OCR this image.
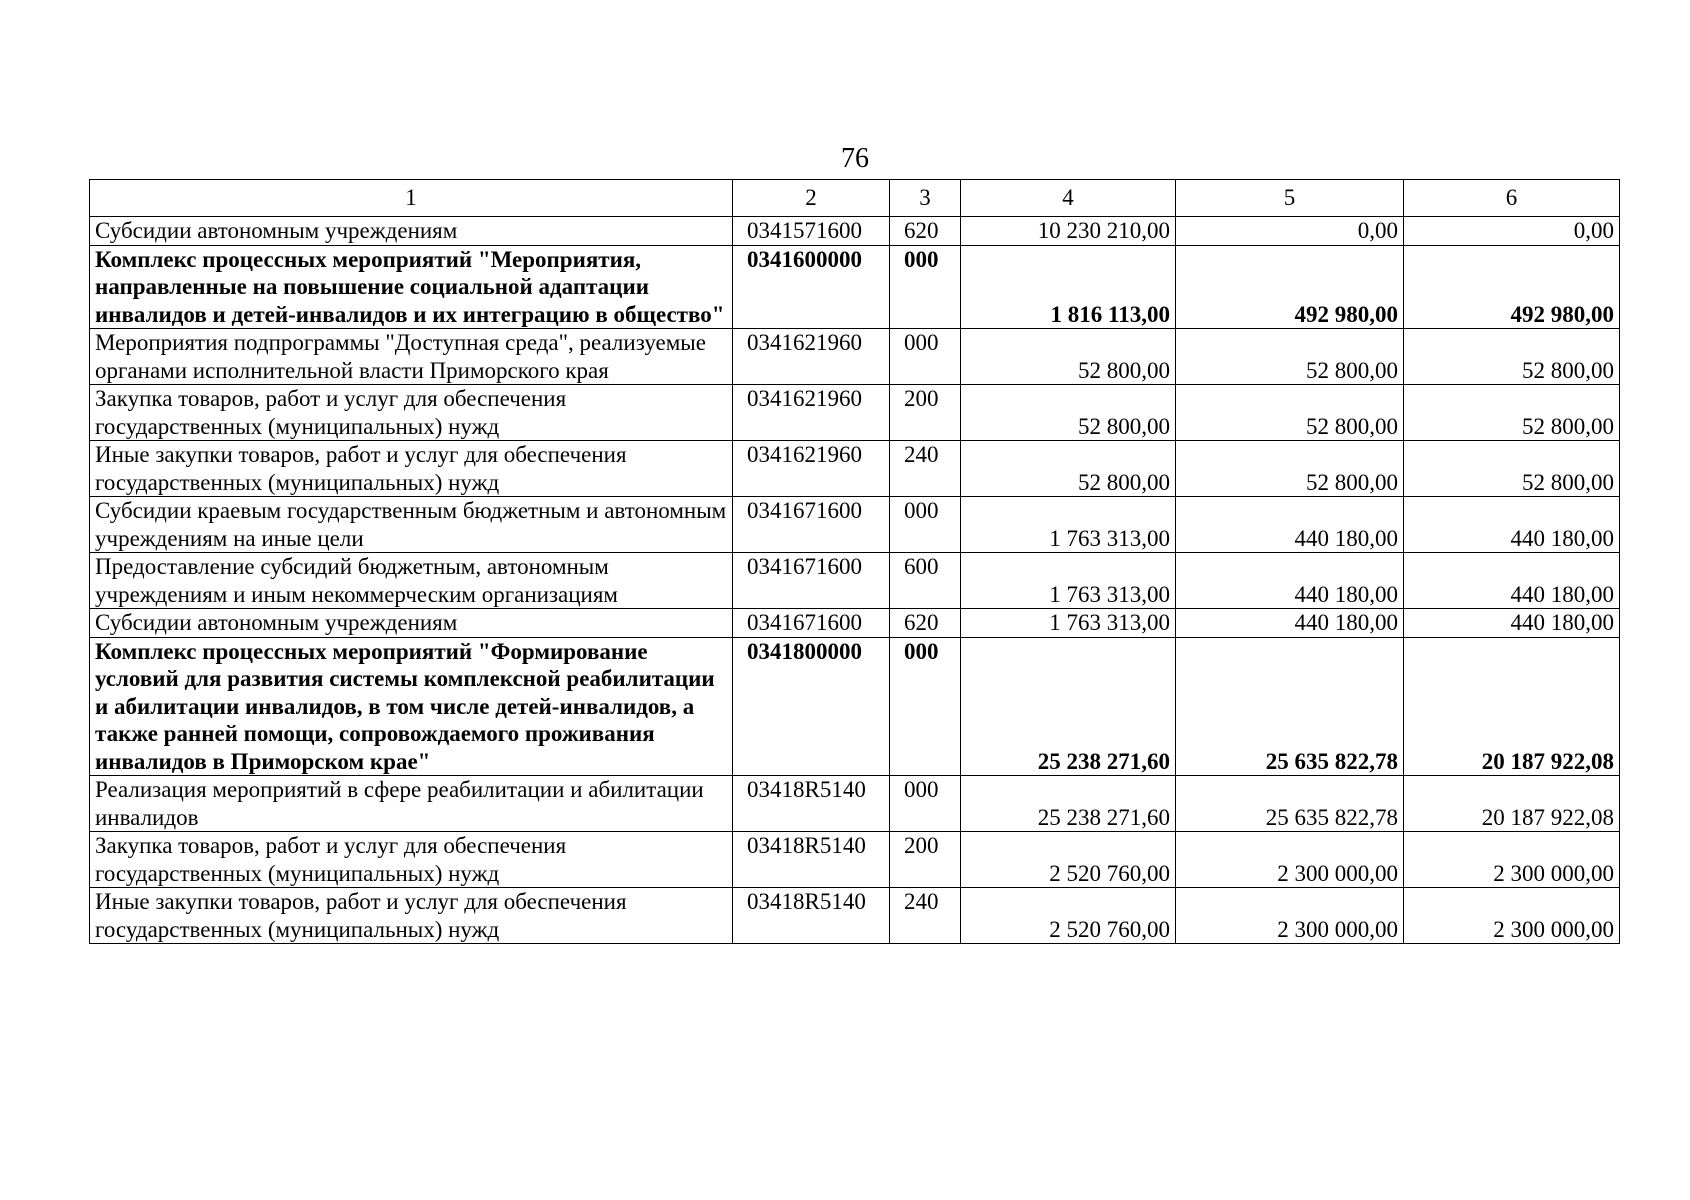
76
1	2	3	4	5	6
Субсидии автономным учреждениям	0341571600	620	10 230 210,00	0,00	0,00
Комплекс процессных мероприятий "Мероприятия, направленные на повышение социальной адаптации инвалидов и детей-инвалидов и их интеграцию в общество"	0341600000	000	1 816 113,00	492 980,00	492 980,00
Мероприятия подпрограммы "Доступная среда", реализуемые органами исполнительной власти Приморского края	0341621960	000	52 800,00	52 800,00	52 800,00
Закупка товаров, работ и услуг для обеспечения государственных (муниципальных) нужд	0341621960	200	52 800,00	52 800,00	52 800,00
Иные закупки товаров, работ и услуг для обеспечения государственных (муниципальных) нужд	0341621960	240	52 800,00	52 800,00	52 800,00
Субсидии краевым государственным бюджетным и автономным учреждениям на иные цели	0341671600	000	1 763 313,00	440 180,00	440 180,00
Предоставление субсидий бюджетным, автономным учреждениям и иным некоммерческим организациям	0341671600	600	1 763 313,00	440 180,00	440 180,00
Субсидии автономным учреждениям	0341671600	620	1 763 313,00	440 180,00	440 180,00
Комплекс процессных мероприятий "Формирование условий для развития системы комплексной реабилитации и абилитации инвалидов, в том числе детей-инвалидов, а также ранней помощи, сопровождаемого проживания инвалидов в Приморском крае"	0341800000	000	25 238 271,60	25 635 822,78	20 187 922,08
Реализация мероприятий в сфере реабилитации и абилитации инвалидов	03418R5140	000	25 238 271,60	25 635 822,78	20 187 922,08
Закупка товаров, работ и услуг для обеспечения государственных (муниципальных) нужд	03418R5140	200	2 520 760,00	2 300 000,00	2 300 000,00
Иные закупки товаров, работ и услуг для обеспечения государственных (муниципальных) нужд	03418R5140	240	2 520 760,00	2 300 000,00	2 300 000,00
